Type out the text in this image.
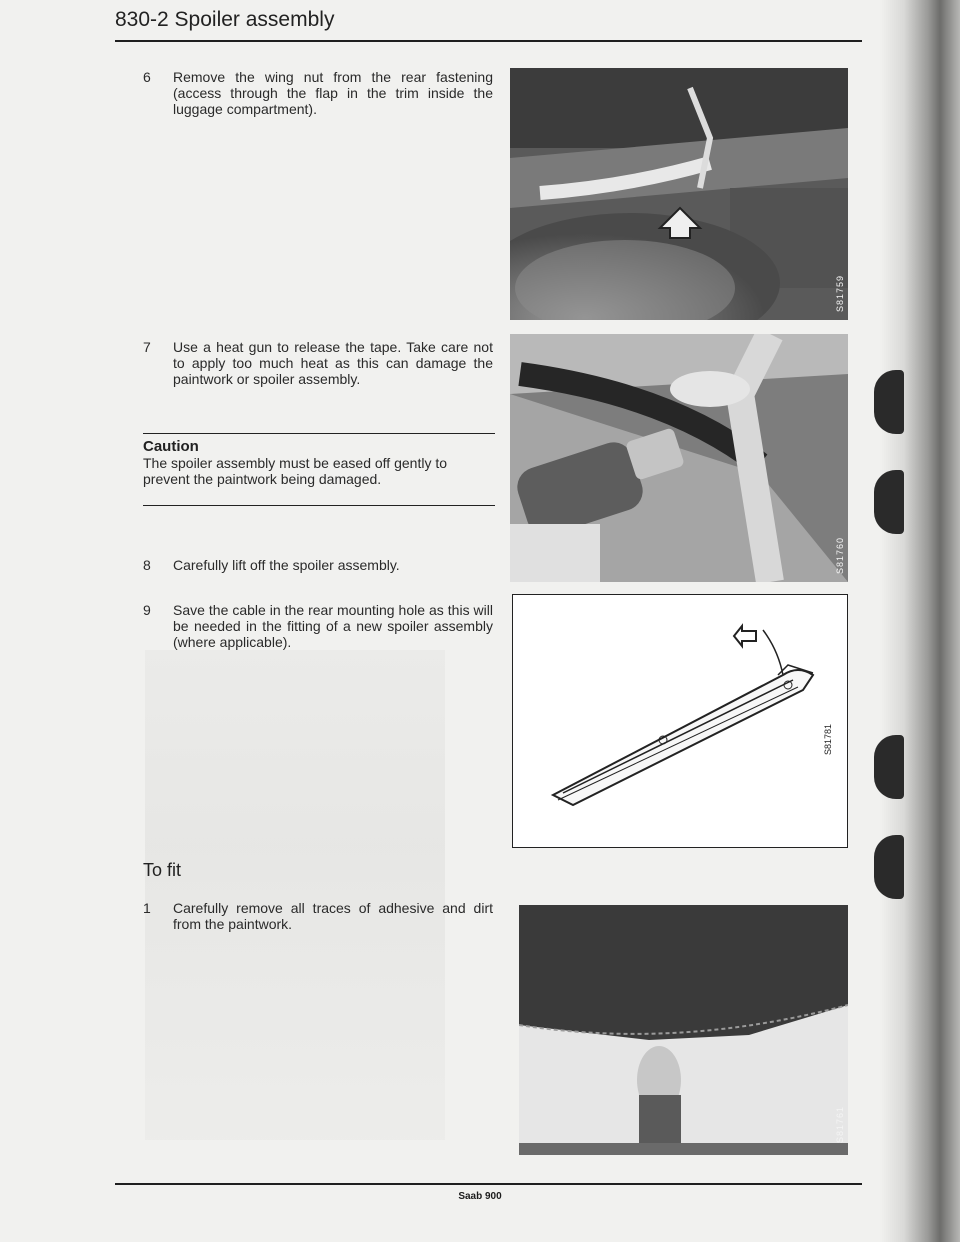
830-2 Spoiler assembly
6 Remove the wing nut from the rear fastening (access through the flap in the trim inside the luggage compartment).
7 Use a heat gun to release the tape. Take care not to apply too much heat as this can damage the paintwork or spoiler assembly.
Caution
The spoiler assembly must be eased off gently to prevent the paintwork being damaged.
8 Carefully lift off the spoiler assembly.
9 Save the cable in the rear mounting hole as this will be needed in the fitting of a new spoiler assembly (where applicable).
To fit
1 Carefully remove all traces of adhesive and dirt from the paintwork.
S81759
S81760
S81781
S81761
Saab 900
